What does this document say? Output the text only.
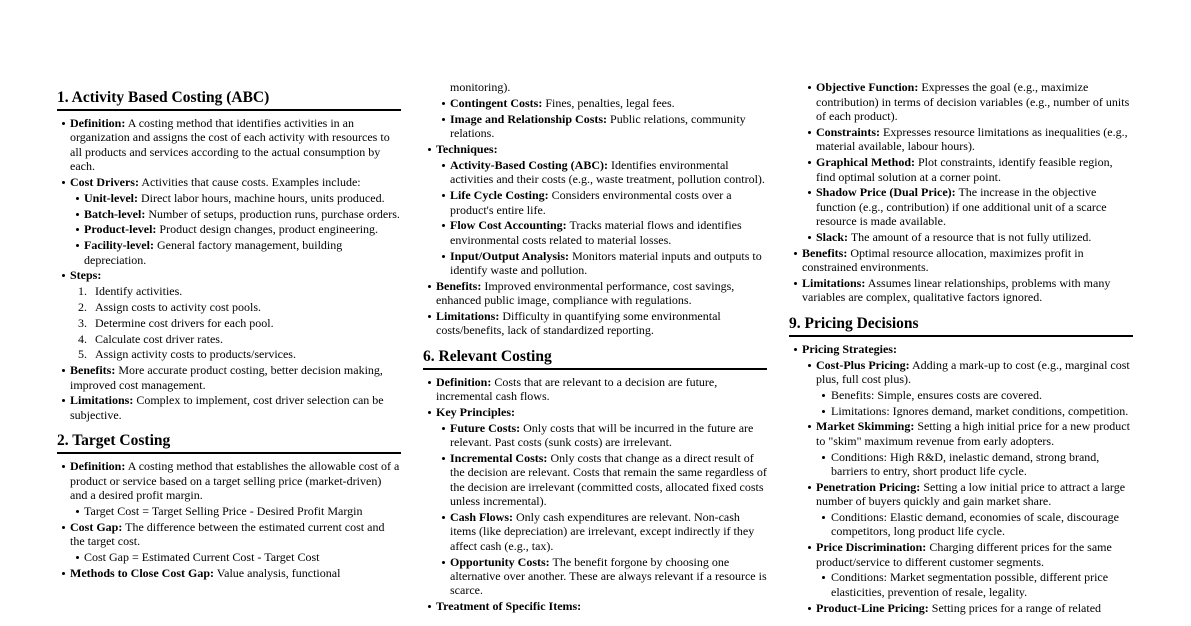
1. Activity Based Costing (ABC)
Definition: A costing method that identifies activities in an organization and assigns the cost of each activity with resources to all products and services according to the actual consumption by each.
Cost Drivers: Activities that cause costs. Examples include:
Unit-level: Direct labor hours, machine hours, units produced.
Batch-level: Number of setups, production runs, purchase orders.
Product-level: Product design changes, product engineering.
Facility-level: General factory management, building depreciation.
Steps:
1. Identify activities.
2. Assign costs to activity cost pools.
3. Determine cost drivers for each pool.
4. Calculate cost driver rates.
5. Assign activity costs to products/services.
Benefits: More accurate product costing, better decision making, improved cost management.
Limitations: Complex to implement, cost driver selection can be subjective.
2. Target Costing
Definition: A costing method that establishes the allowable cost of a product or service based on a target selling price (market-driven) and a desired profit margin.
Target Cost = Target Selling Price - Desired Profit Margin
Cost Gap: The difference between the estimated current cost and the target cost.
Cost Gap = Estimated Current Cost - Target Cost
Methods to Close Cost Gap: Value analysis, functional
monitoring).
Contingent Costs: Fines, penalties, legal fees.
Image and Relationship Costs: Public relations, community relations.
Techniques:
Activity-Based Costing (ABC): Identifies environmental activities and their costs (e.g., waste treatment, pollution control).
Life Cycle Costing: Considers environmental costs over a product's entire life.
Flow Cost Accounting: Tracks material flows and identifies environmental costs related to material losses.
Input/Output Analysis: Monitors material inputs and outputs to identify waste and pollution.
Benefits: Improved environmental performance, cost savings, enhanced public image, compliance with regulations.
Limitations: Difficulty in quantifying some environmental costs/benefits, lack of standardized reporting.
6. Relevant Costing
Definition: Costs that are relevant to a decision are future, incremental cash flows.
Key Principles:
Future Costs: Only costs that will be incurred in the future are relevant. Past costs (sunk costs) are irrelevant.
Incremental Costs: Only costs that change as a direct result of the decision are relevant. Costs that remain the same regardless of the decision are irrelevant (committed costs, allocated fixed costs unless incremental).
Cash Flows: Only cash expenditures are relevant. Non-cash items (like depreciation) are irrelevant, except indirectly if they affect cash (e.g., tax).
Opportunity Costs: The benefit forgone by choosing one alternative over another. These are always relevant if a resource is scarce.
Treatment of Specific Items:
Objective Function: Expresses the goal (e.g., maximize contribution) in terms of decision variables (e.g., number of units of each product).
Constraints: Expresses resource limitations as inequalities (e.g., material available, labour hours).
Graphical Method: Plot constraints, identify feasible region, find optimal solution at a corner point.
Shadow Price (Dual Price): The increase in the objective function (e.g., contribution) if one additional unit of a scarce resource is made available.
Slack: The amount of a resource that is not fully utilized.
Benefits: Optimal resource allocation, maximizes profit in constrained environments.
Limitations: Assumes linear relationships, problems with many variables are complex, qualitative factors ignored.
9. Pricing Decisions
Pricing Strategies:
Cost-Plus Pricing: Adding a mark-up to cost (e.g., marginal cost plus, full cost plus).
Benefits: Simple, ensures costs are covered.
Limitations: Ignores demand, market conditions, competition.
Market Skimming: Setting a high initial price for a new product to "skim" maximum revenue from early adopters.
Conditions: High R&D, inelastic demand, strong brand, barriers to entry, short product life cycle.
Penetration Pricing: Setting a low initial price to attract a large number of buyers quickly and gain market share.
Conditions: Elastic demand, economies of scale, discourage competitors, long product life cycle.
Price Discrimination: Charging different prices for the same product/service to different customer segments.
Conditions: Market segmentation possible, different price elasticities, prevention of resale, legality.
Product-Line Pricing: Setting prices for a range of related
